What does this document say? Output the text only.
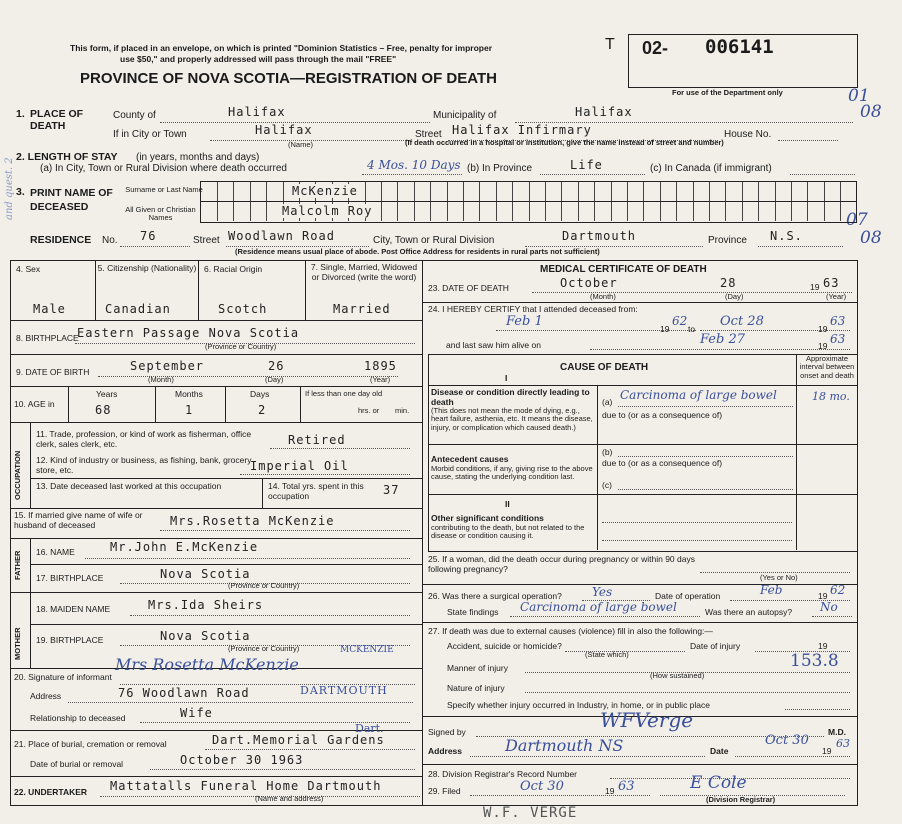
This form, if placed in an envelope, on which is printed "Dominion Statistics – Free, penalty for improper
use $50," and properly addressed will pass through the mail "FREE"
PROVINCE OF NOVA SCOTIA—REGISTRATION OF DEATH
and quest. 2
T 02- 006141
For use of the Department only	01
08
07
08
1. PLACE OF DEATH
County of	Halifax	Municipality of	Halifax
If in City or Town	Halifax
(Name)
Street Halifax Infirmary	House No.
(If death occurred in a hospital or institution, give the name instead of street and number)
2. LENGTH OF STAY (in years, months and days)
(a) In City, Town or Rural Division where death occurred	4 Mos. 10 Days (b) In Province	Life	(c) In Canada (if immigrant)
3. PRINT NAME OF DECEASED
Surname or Last Name
All Given or Christian Names
McKenzie
Malcolm Roy
RESIDENCE No. 76	Street Woodlawn Road	City, Town or Rural Division	Dartmouth	Province N.S.
(Residence means usual place of abode. Post Office Address for residents in rural parts not sufficient)
4. Sex	5. Citizenship (Nationality) 6. Racial Origin	7. Single, Married, Widowed or Divorced (write the word)
Male	Canadian	Scotch	Married
8. BIRTHPLACE
Eastern Passage Nova Scotia
(Province or Country)
9. DATE OF BIRTH	September	26	1895
(Month)	(Day)	(Year)
10. AGE in
Years	Months	Days
68	1	2
If less than one day old
hrs. or min.
OCCUPATION
11. Trade, profession, or kind of work as fisherman, office clerk, sales clerk, etc.	Retired
12. Kind of industry or business, as fishing, bank, grocery store, etc.	Imperial Oil
13. Date deceased last worked at this occupation	14. Total yrs. spent in this occupation	37
15. If married give name of wife or husband of deceased	Mrs.Rosetta McKenzie
FATHER 16. NAME	Mr.John E.McKenzie
17. BIRTHPLACE	Nova Scotia
(Province or Country)
MOTHER
18. MAIDEN NAME	Mrs.Ida Sheirs
19. BIRTHPLACE	Nova Scotia
(Province or Country)
20. Signature of informant
Mrs Rosetta McKenzie
MCKENZIE
Address	76 Woodlawn Road	DARTMOUTH
Relationship to deceased	Wife
21. Place of burial, cremation or removal	Dart.Memorial Gardens
Dart.
Date of burial or removal	October 30 1963
22. UNDERTAKER Mattatalls Funeral Home Dartmouth
(Name and address)
MEDICAL CERTIFICATE OF DEATH
23. DATE OF DEATH	October	28	19 63
(Month)	(Day)	(Year)
24. I HEREBY CERTIFY that I attended deceased from:
Feb 1	19
62
to Oct 28	19
63
and last saw him alive on	Feb 27	19 63
CAUSE OF DEATH
Approximate interval between onset and death
I
Disease or condition directly leading to death
(This does not mean the mode of dying, e.g., heart failure, asthenia, etc. It means the disease, injury, or complication which caused death.)
(a) Carcinoma of large bowel	18 mo.
due to (or as a consequence of)
Antecedent causes
Morbid conditions, if any, giving rise to the above cause, stating the underlying condition last.
(b)
due to (or as a consequence of)
(c)
II
Other significant conditions
contributing to the death, but not related to the disease or condition causing it.
25. If a woman, did the death occur during pregnancy or within 90 days following pregnancy?
(Yes or No)
26. Was there a surgical operation?	Yes	Date of operation	Feb	19 62
State findings Carcinoma of large bowel	Was there an autopsy? No
27. If death was due to external causes (violence) fill in also the following:—
Accident, suicide or homicide?
(State which)
Date of injury	19
153.8
Manner of injury
(How sustained)
Nature of injury
Specify whether injury occurred in Industry, in home, or in public place
Signed by	WFVerge	M.D.
Address	Dartmouth NS	Date
Oct 30
19
63
28. Division Registrar's Record Number
29. Filed	Oct 30	19 63	E Cole
(Division Registrar)
W.F. VERGE
